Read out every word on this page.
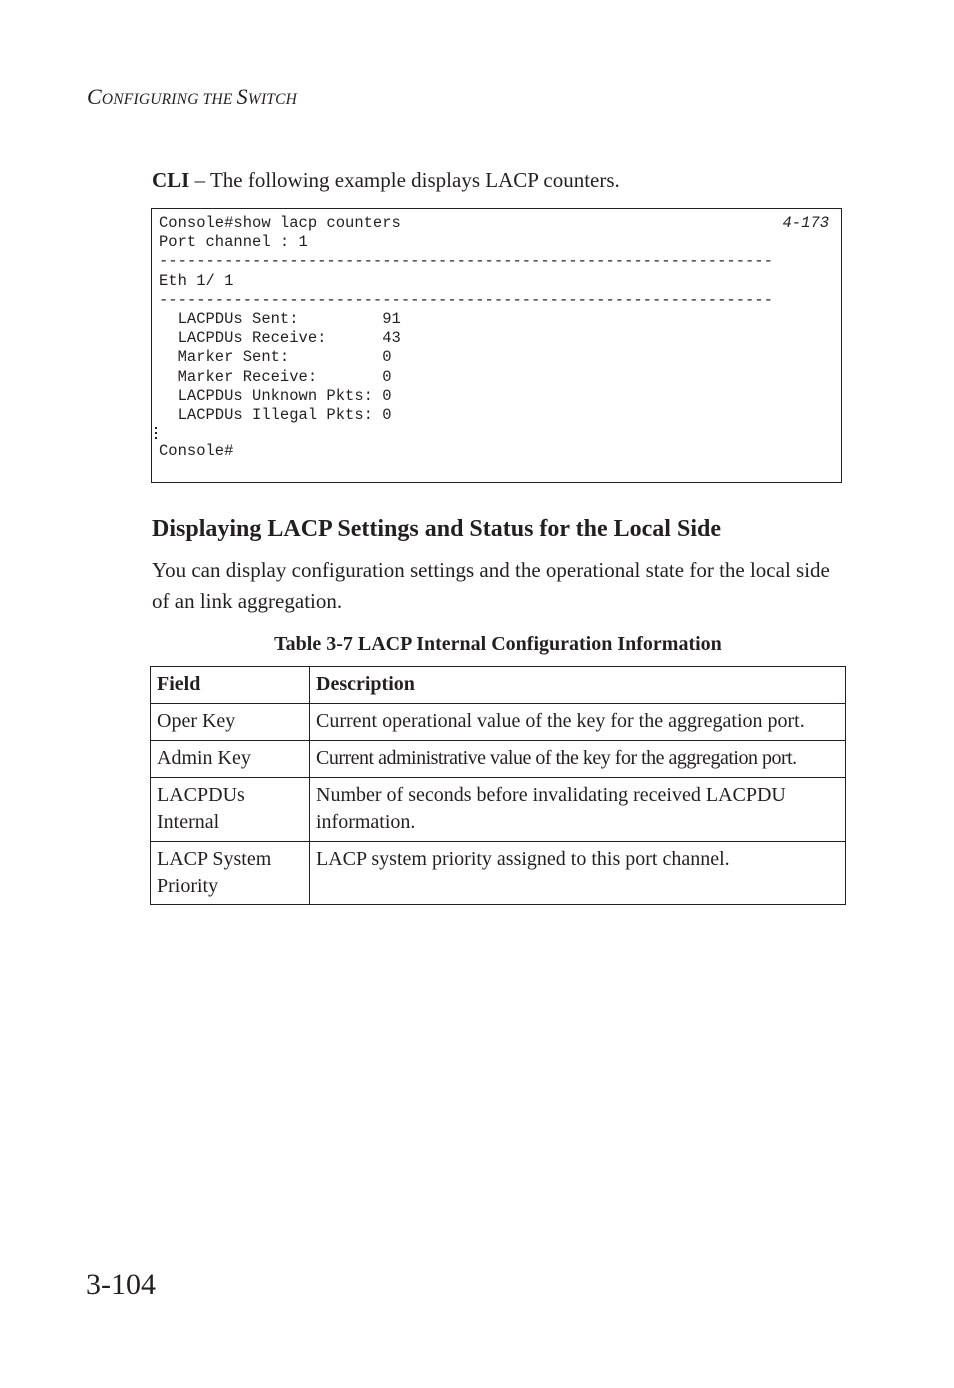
CONFIGURING THE SWITCH
CLI – The following example displays LACP counters.
4-173
Console#show lacp counters
Port channel : 1
------------------------------------------------------------------
Eth 1/ 1
------------------------------------------------------------------
LACPDUs Sent:         91
LACPDUs Receive:      43
Marker Sent:          0
Marker Receive:       0
LACPDUs Unknown Pkts: 0
LACPDUs Illegal Pkts: 0
Console#
Displaying LACP Settings and Status for the Local Side

You can display configuration settings and the operational state for the local side of an link aggregation.

Table 3-7 LACP Internal Configuration Information

Field	Description
Oper Key	Current operational value of the key for the aggregation port.
Admin Key	Current administrative value of the key for the aggregation port.
LACPDUs Internal	Number of seconds before invalidating received LACPDU information.
LACP System Priority	LACP system priority assigned to this port channel.
3-104
